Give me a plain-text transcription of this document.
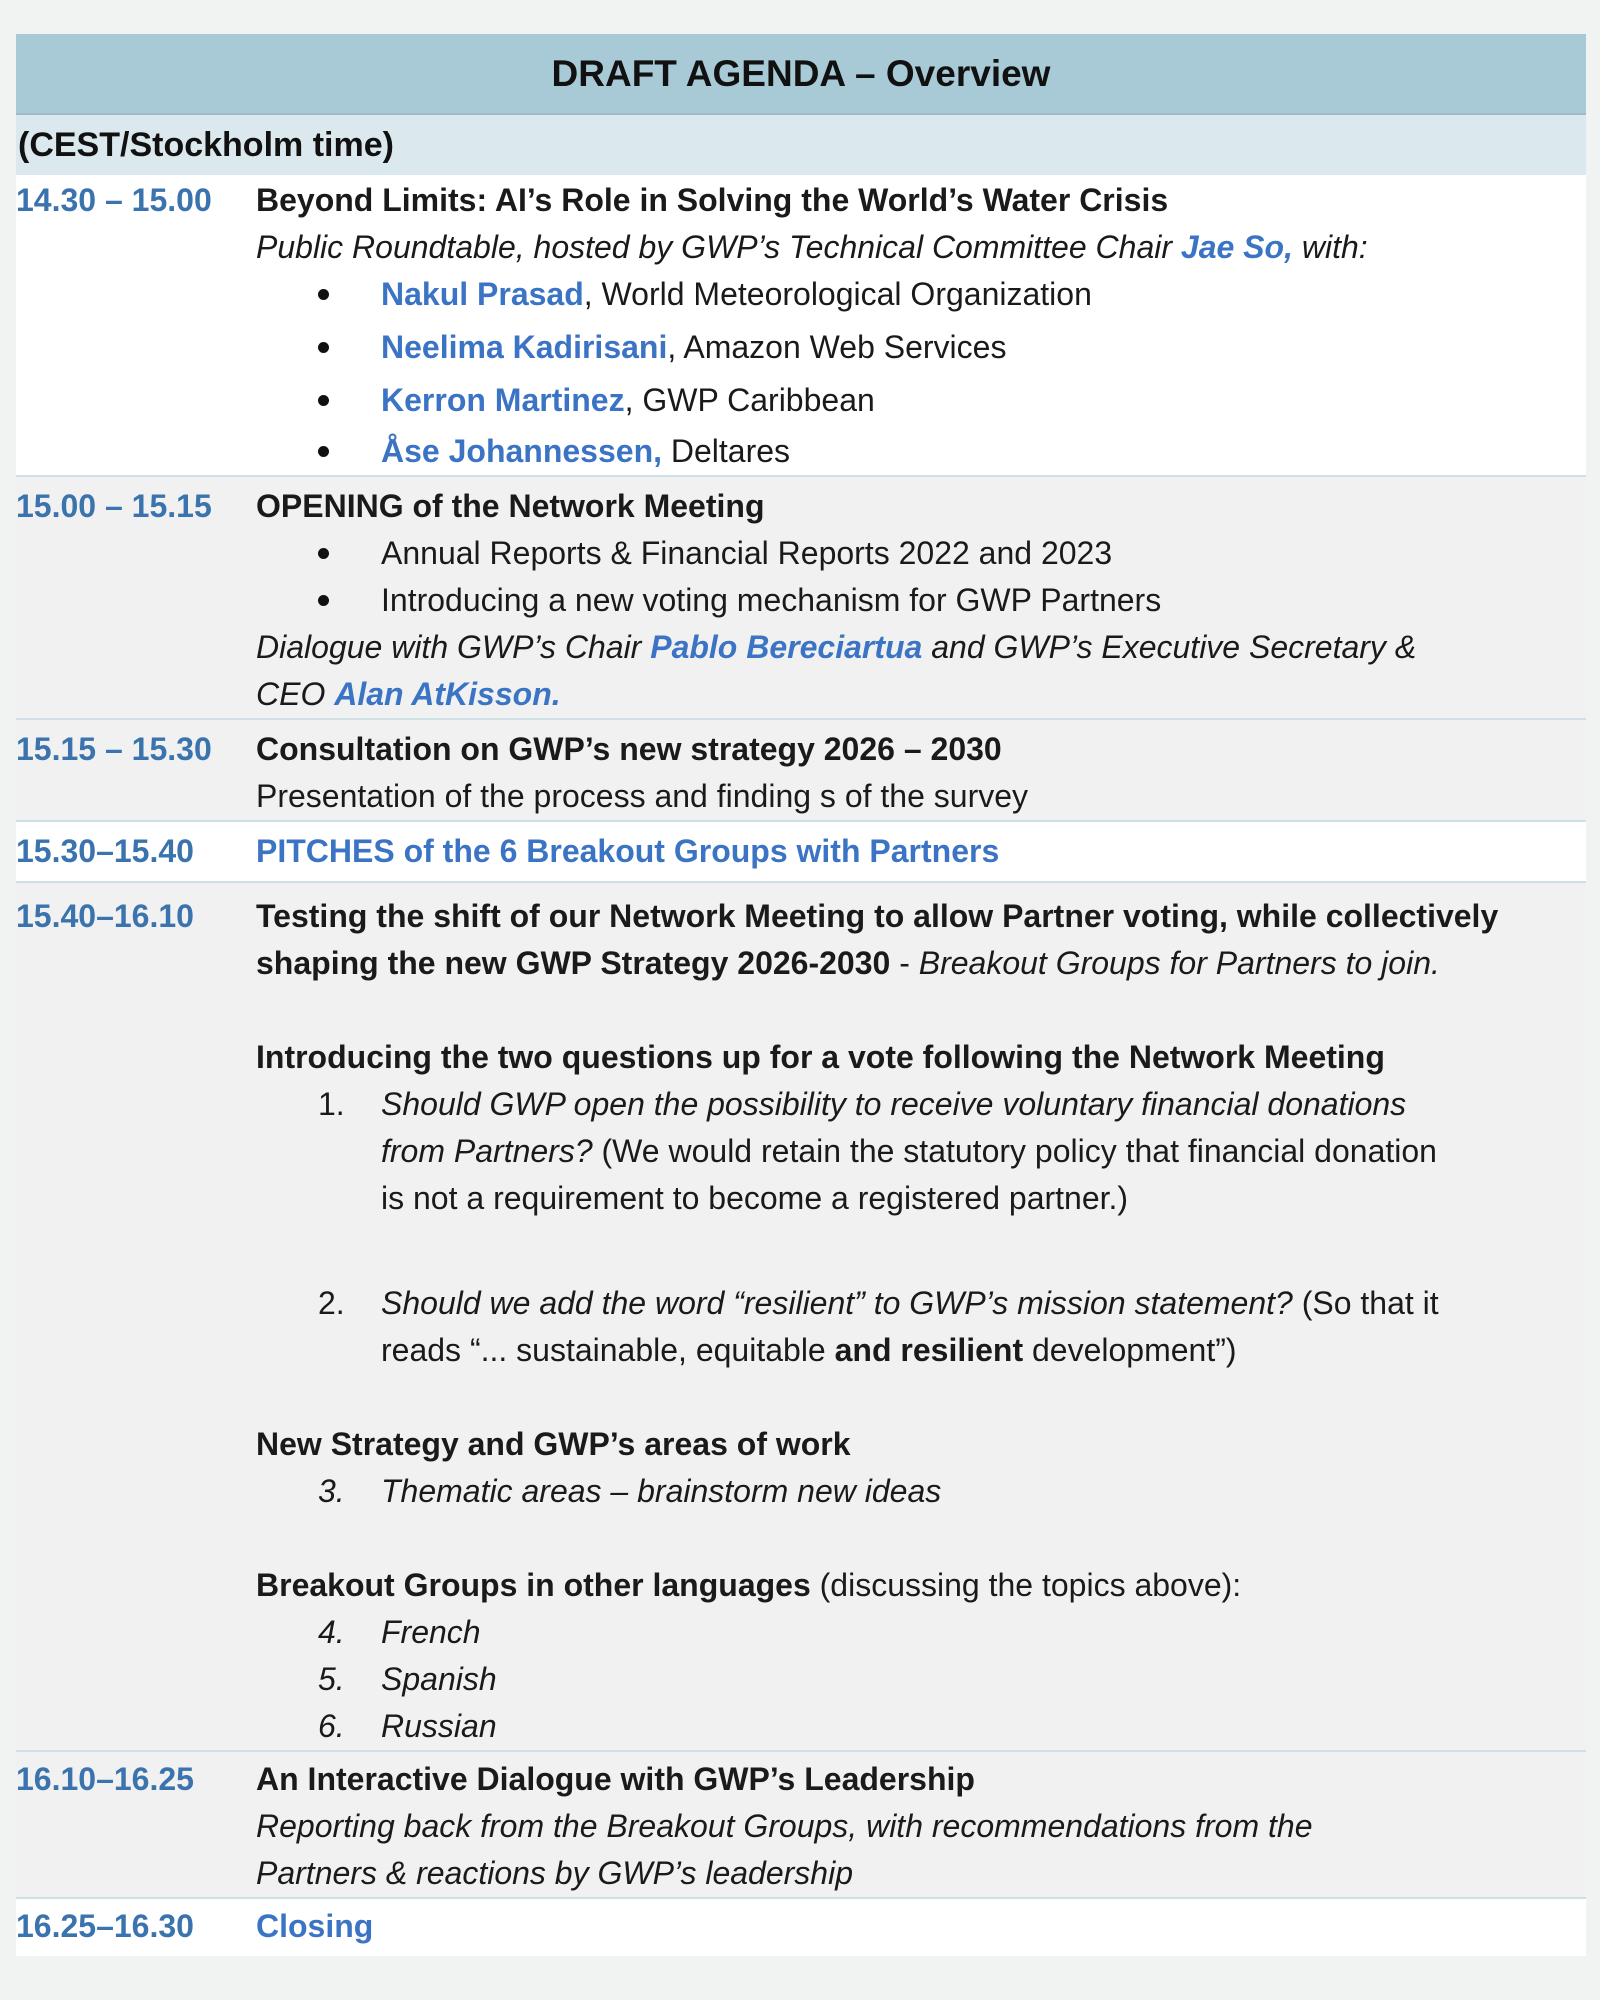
DRAFT AGENDA – Overview
(CEST/Stockholm time)
14.30 – 15.00	Beyond Limits: AI’s Role in Solving the World’s Water Crisis
Public Roundtable, hosted by GWP’s Technical Committee Chair Jae So, with:
Nakul Prasad, World Meteorological Organization
Neelima Kadirisani, Amazon Web Services
Kerron Martinez, GWP Caribbean
Åse Johannessen, Deltares
15.00 – 15.15	OPENING of the Network Meeting
Annual Reports & Financial Reports 2022 and 2023
Introducing a new voting mechanism for GWP Partners
Dialogue with GWP’s Chair Pablo Bereciartua and GWP’s Executive Secretary &
CEO Alan AtKisson.
15.15 – 15.30	Consultation on GWP’s new strategy 2026 – 2030
Presentation of the process and finding s of the survey
15.30–15.40	PITCHES of the 6 Breakout Groups with Partners
15.40–16.10	Testing the shift of our Network Meeting to allow Partner voting, while collectively
shaping the new GWP Strategy 2026-2030 - Breakout Groups for Partners to join.
Introducing the two questions up for a vote following the Network Meeting
1. Should GWP open the possibility to receive voluntary financial donations
from Partners? (We would retain the statutory policy that financial donation
is not a requirement to become a registered partner.)
2. Should we add the word “resilient” to GWP’s mission statement? (So that it
reads “... sustainable, equitable and resilient development”)
New Strategy and GWP’s areas of work
3. Thematic areas – brainstorm new ideas
Breakout Groups in other languages (discussing the topics above):
4. French
5. Spanish
6. Russian
16.10–16.25	An Interactive Dialogue with GWP’s Leadership
Reporting back from the Breakout Groups, with recommendations from the
Partners & reactions by GWP’s leadership
16.25–16.30	Closing
